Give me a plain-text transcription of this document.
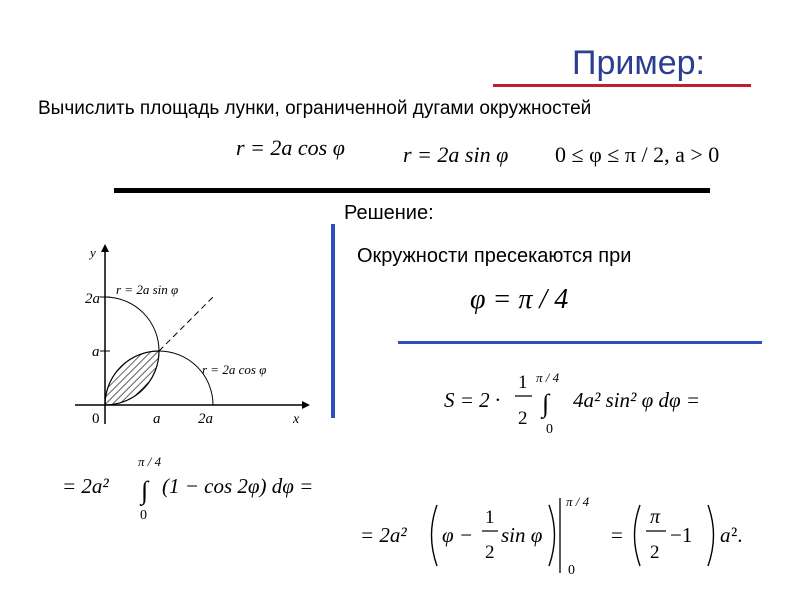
Пример:
Вычислить площадь лунки, ограниченной дугами окружностей
r = 2a cos φ	r = 2a sin φ 0 ≤ φ ≤ π / 2, a > 0
Решение:
Окружности пресекаются при
φ = π / 4
y
x
0	a	2a
2a
a
r = 2a sin φ
r = 2a cos φ
S = 2 ·
1
2
π / 4
∫
0
4a² sin² φ dφ =
= 2a²
π / 4
∫
0
(1 − cos 2φ) dφ =
= 2a² φ −
1
2
sin φ
π / 4
0
=
π
2
−1 a ².
